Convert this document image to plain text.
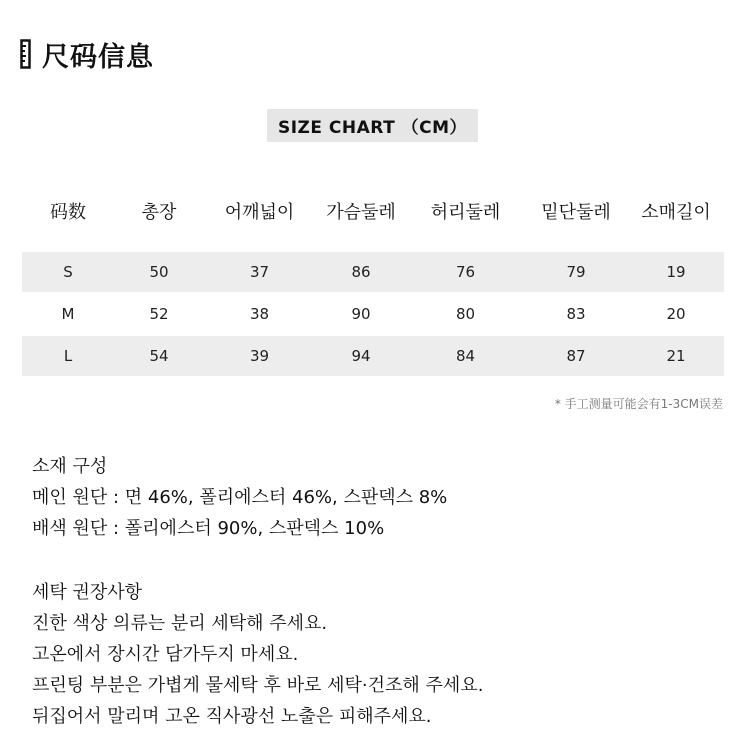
尺码信息
SIZE CHART （CM）
码数	총장	어깨넓이	가슴둘레	허리둘레	밑단둘레	소매길이
S	50	37	86	76	79	19
M	52	38	90	80	83	20
L	54	39	94	84	87	21
* 手工测量可能会有1-3CM误差
소재 구성
메인 원단 : 면 46%, 폴리에스터 46%, 스판덱스 8%
배색 원단 : 폴리에스터 90%, 스판덱스 10%
세탁 권장사항
진한 색상 의류는 분리 세탁해 주세요.
고온에서 장시간 담가두지 마세요.
프린팅 부분은 가볍게 물세탁 후 바로 세탁·건조해 주세요.
뒤집어서 말리며 고온 직사광선 노출은 피해주세요.
